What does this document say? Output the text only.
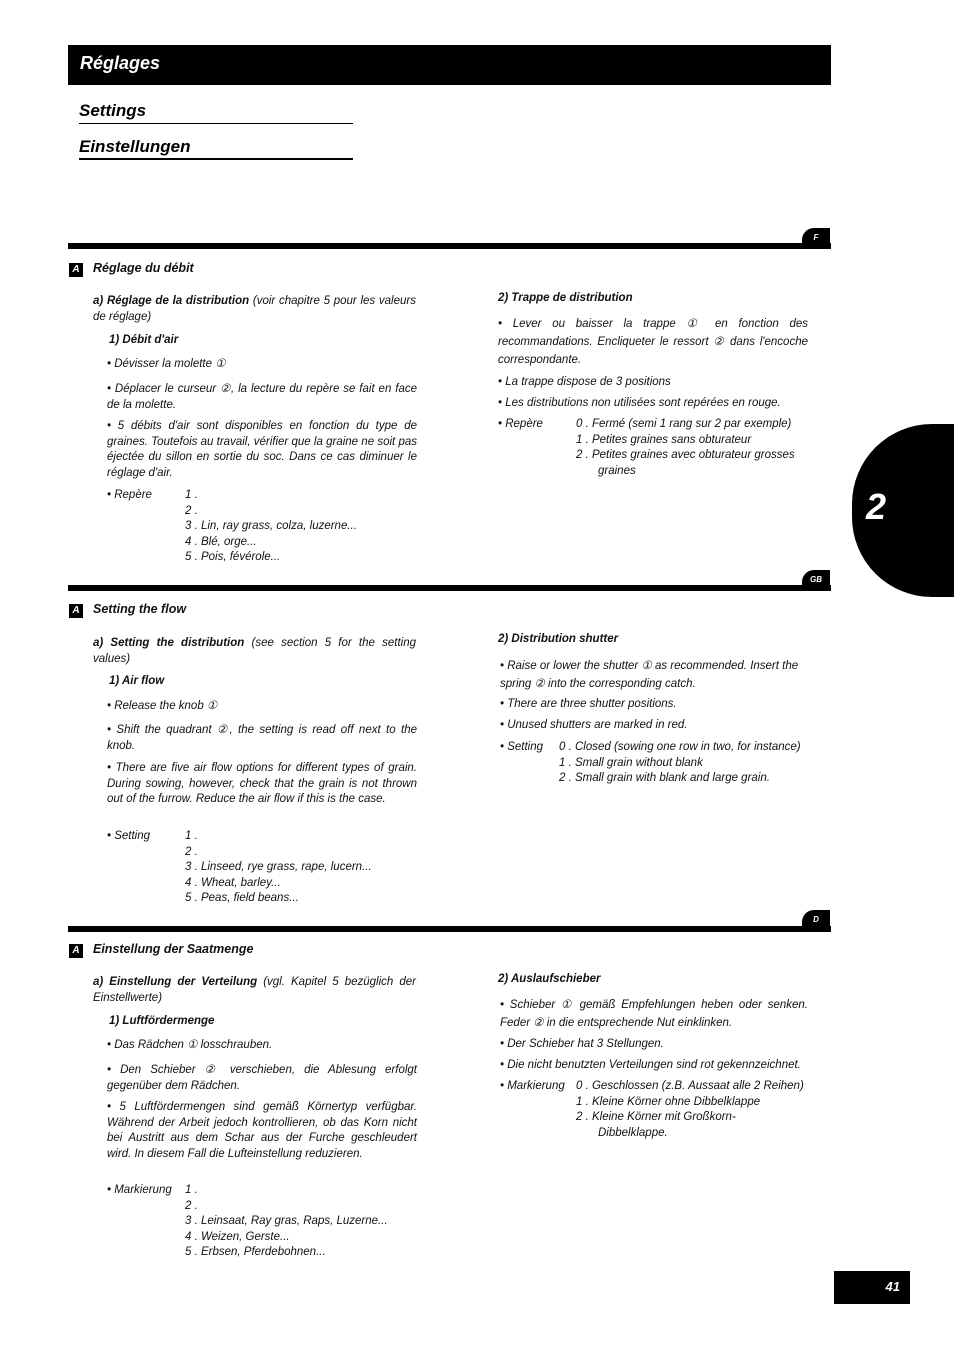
Réglages
Settings
Einstellungen
2
F
A Réglage du débit
a) Réglage de la distribution (voir chapitre 5 pour les valeurs de réglage)
1) Débit d'air
• Dévisser la molette ①
• Déplacer le curseur ②, la lecture du repère se fait en face de la molette.
• 5 débits d'air sont disponibles en fonction du type de graines. Toutefois au travail, vérifier que la graine ne soit pas éjectée du sillon en sortie du soc. Dans ce cas diminuer le réglage d'air.
• Repère	1 .

2 .

3 . Lin, ray grass, colza, luzerne...

4 . Blé, orge...

5 . Pois, févérole...

2) Trappe de distribution
• Lever ou baisser la trappe ① en fonction des recommandations. Encliqueter le ressort ② dans l'encoche correspondante.
• La trappe dispose de 3 positions
• Les distributions non utilisées sont repérées en rouge.
• Repère	0 . Fermé (semi 1 rang sur 2 par exemple)

1 . Petites graines sans obturateur

2 . Petites graines avec obturateur grosses

graines

GB
A Setting the flow
a) Setting the distribution (see section 5 for the setting values)
1) Air flow
• Release the knob ①
• Shift the quadrant ②, the setting is read off next to the knob.
• There are five air flow options for different types of grain. During sowing, however, check that the grain is not thrown out of the furrow. Reduce the air flow if this is the case.
• Setting	1 .

2 .

3 . Linseed, rye grass, rape, lucern...

4 . Wheat, barley...

5 . Peas, field beans...

2) Distribution shutter
• Raise or lower the shutter ① as recommended. Insert the spring ② into the corresponding catch.
• There are three shutter positions.
• Unused shutters are marked in red.
• Setting 0 . Closed (sowing one row in two, for instance)

1 . Small grain without blank

2 . Small grain with blank and large grain.

D
A Einstellung der Saatmenge
a) Einstellung der Verteilung (vgl. Kapitel 5 bezüglich der Einstellwerte)
1) Luftfördermenge
• Das Rädchen ① losschrauben.
• Den Schieber ② verschieben, die Ablesung erfolgt gegenüber dem Rädchen.
• 5 Luftfördermengen sind gemäß Körnertyp verfügbar. Während der Arbeit jedoch kontrollieren, ob das Korn nicht bei Austritt aus dem Schar aus der Furche geschleudert wird. In diesem Fall die Lufteinstellung reduzieren.
• Markierung 1 .

2 .

3 . Leinsaat, Ray gras, Raps, Luzerne...

4 . Weizen, Gerste...

5 . Erbsen, Pferdebohnen...

2) Auslaufschieber
• Schieber ① gemäß Empfehlungen heben oder senken. Feder ② in die entsprechende Nut einklinken.
• Der Schieber hat 3 Stellungen.
• Die nicht benutzten Verteilungen sind rot gekennzeichnet.
• Markierung 0 . Geschlossen (z.B. Aussaat alle 2 Reihen)

1 . Kleine Körner ohne Dibbelklappe

2 . Kleine Körner mit Großkorn-

Dibbelklappe.

41
